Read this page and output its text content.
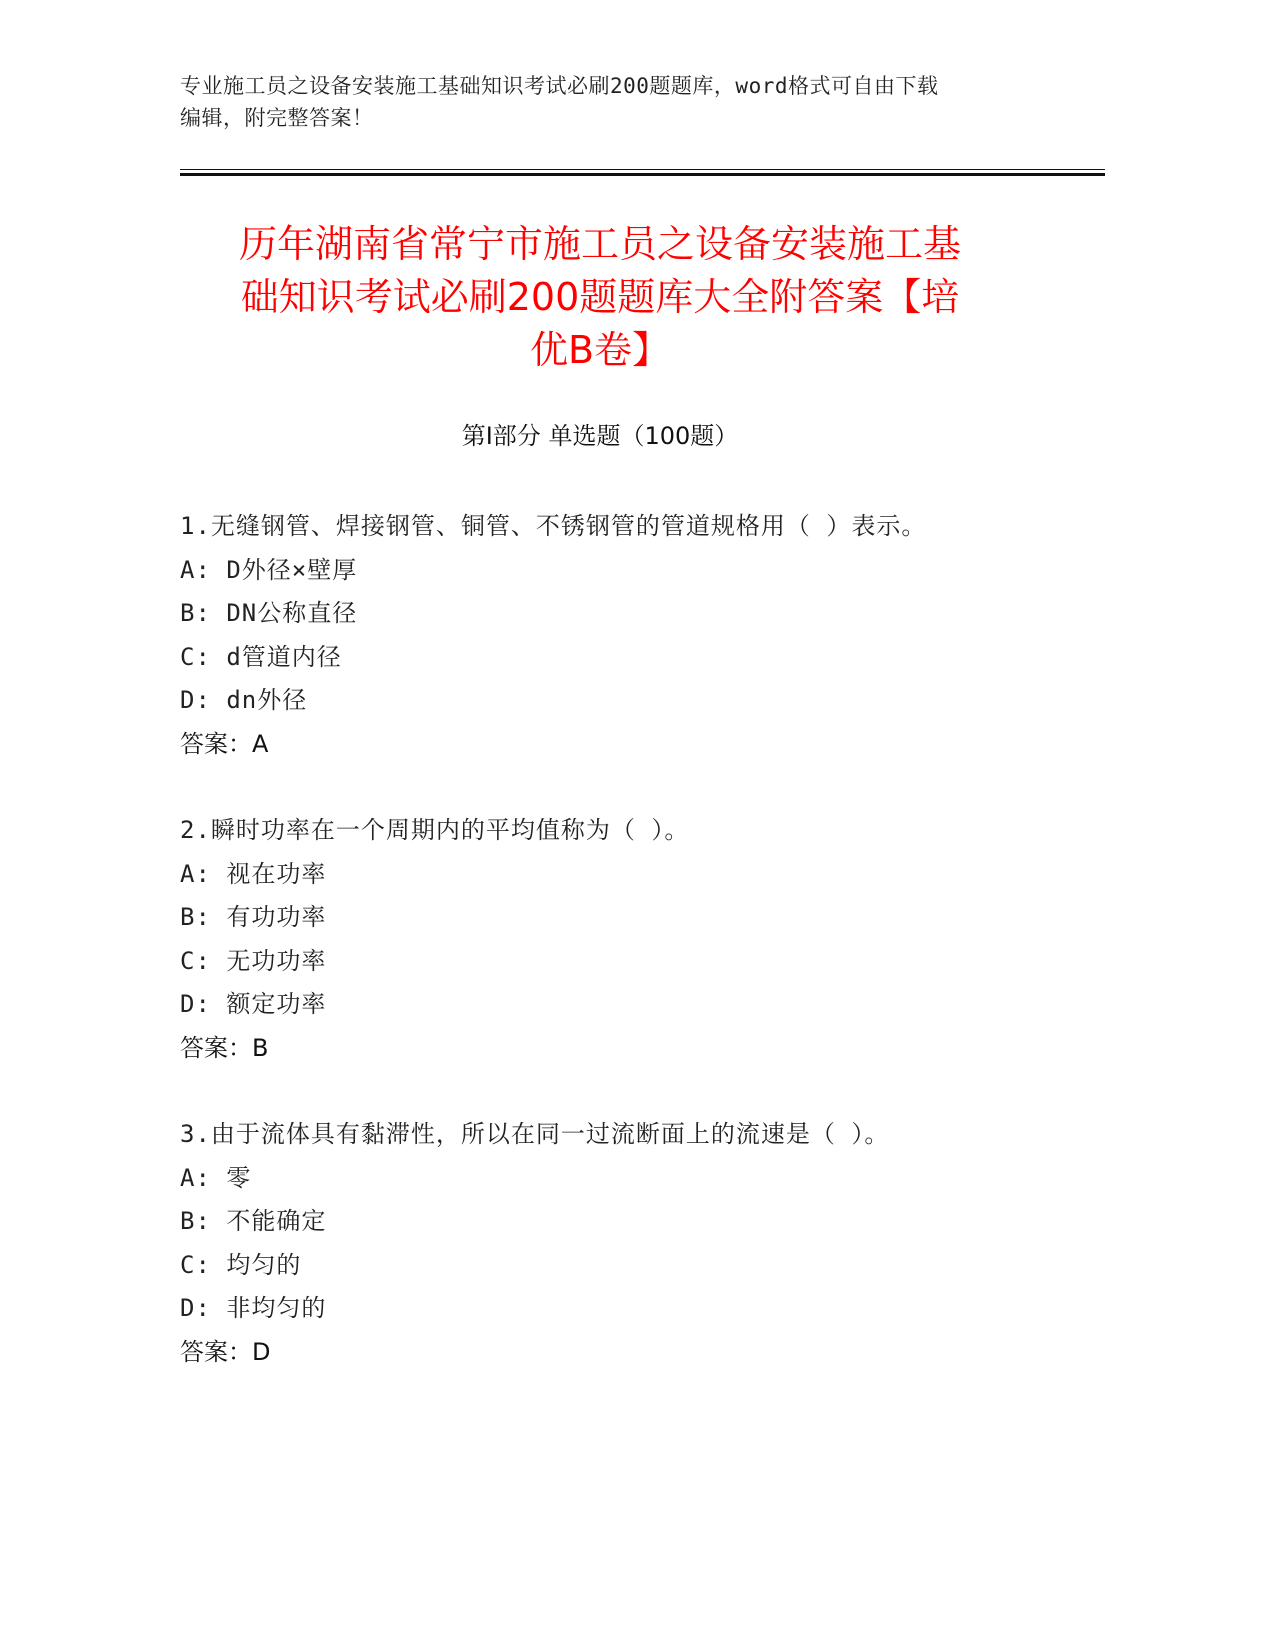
专业施工员之设备安装施工基础知识考试必刷200题题库，word格式可自由下载
编辑，附完整答案！
历年湖南省常宁市施工员之设备安装施工基
础知识考试必刷200题题库大全附答案【培
优B卷】
第Ⅰ部分 单选题（100题）
1.无缝钢管、焊接钢管、铜管、不锈钢管的管道规格用（ ）表示。
A: D外径×壁厚
B: DN公称直径
C: d管道内径
D: dn外径
答案：A
2.瞬时功率在一个周期内的平均值称为（ ）。
A: 视在功率
B: 有功功率
C: 无功功率
D: 额定功率
答案：B
3.由于流体具有黏滞性，所以在同一过流断面上的流速是（ ）。
A: 零
B: 不能确定
C: 均匀的
D: 非均匀的
答案：D
